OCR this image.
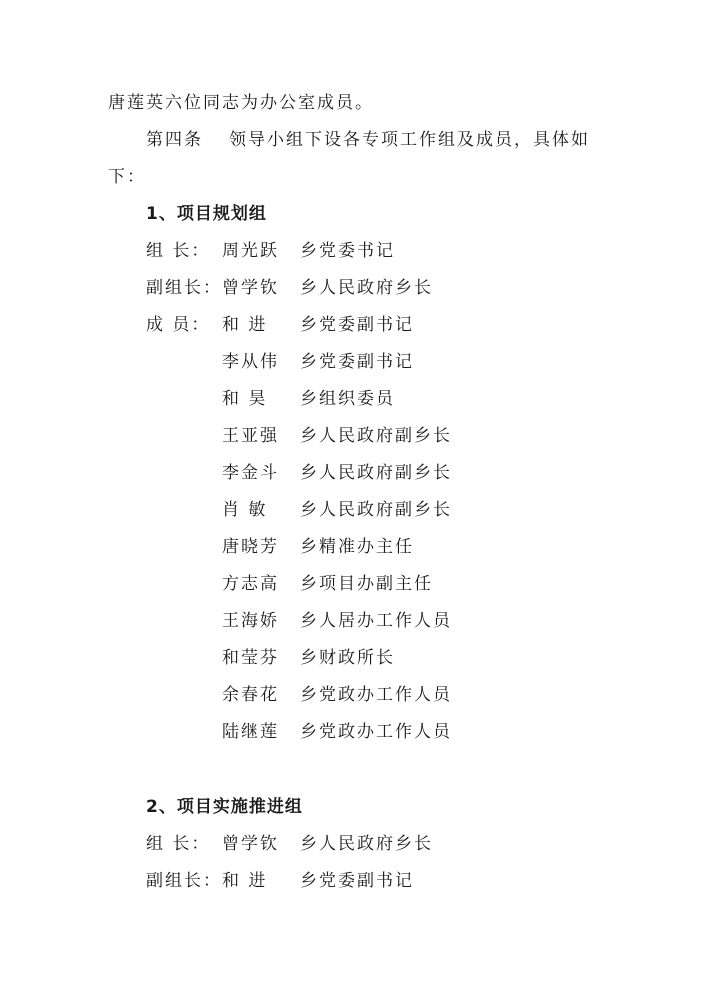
唐莲英六位同志为办公室成员。
第四条 领导小组下设各专项工作组及成员，具体如
下：
1、项目规划组
组 长： 周光跃 乡党委书记
副组长：曾学钦 乡人民政府乡长
成 员： 和 进 乡党委副书记
李从伟 乡党委副书记
和 昊 乡组织委员
王亚强 乡人民政府副乡长
李金斗 乡人民政府副乡长
肖 敏 乡人民政府副乡长
唐晓芳 乡精准办主任
方志高 乡项目办副主任
王海娇 乡人居办工作人员
和莹芬 乡财政所长
余春花 乡党政办工作人员
陆继莲 乡党政办工作人员
2、项目实施推进组
组 长： 曾学钦 乡人民政府乡长
副组长：和 进 乡党委副书记
